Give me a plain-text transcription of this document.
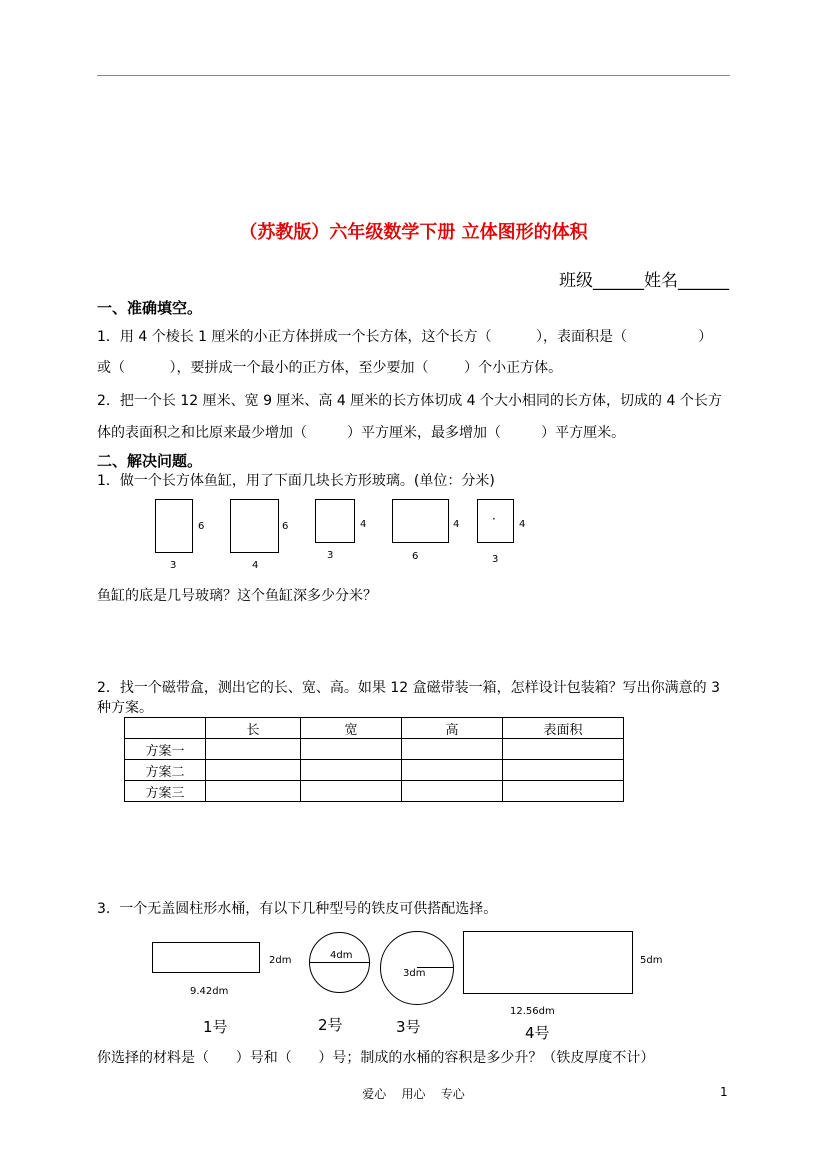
（苏教版）六年级数学下册 立体图形的体积
班级______姓名______
一、准确填空。
1．用 4 个棱长 1 厘米的小正方体拼成一个长方体，这个长方（          ），表面积是（                ）
或（          ），要拼成一个最小的正方体，至少要加（        ）个小正方体。
2．把一个长 12 厘米、宽 9 厘米、高 4 厘米的长方体切成 4 个大小相同的长方体，切成的 4 个长方
体的表面积之和比原来最少增加（         ）平方厘米，最多增加（         ）平方厘米。
二、解决问题。
1．做一个长方体鱼缸，用了下面几块长方形玻璃。(单位：分米)
6
3
6
4
4
3
4
6
· 4
3
鱼缸的底是几号玻璃？这个鱼缸深多少分米？
2．找一个磁带盒，测出它的长、宽、高。如果 12 盒磁带装一箱，怎样设计包装箱？写出你满意的 3
种方案。
	长	宽	高	表面积
方案一				
方案二				
方案三				
3.  一个无盖圆柱形水桶，有以下几种型号的铁皮可供搭配选择。
2dm
9.42dm
1号
4dm
2号
3dm
3号
5dm
12.56dm
4号
你选择的材料是（      ）号和（      ）号；制成的水桶的容积是多少升？（铁皮厚度不计）
爱心    用心    专心	1
